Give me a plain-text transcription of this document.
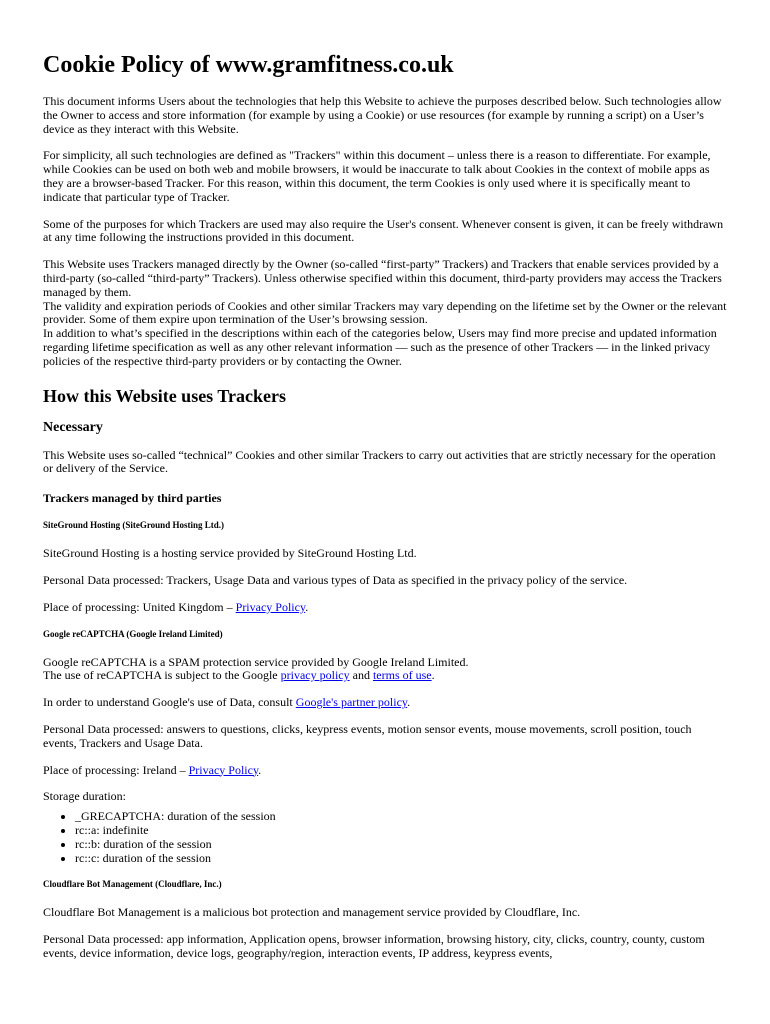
Cookie Policy of www.gramfitness.co.uk

This document informs Users about the technologies that help this Website to achieve the purposes described below. Such technologies allow the Owner to access and store information (for example by using a Cookie) or use resources (for example by running a script) on a User’s device as they interact with this Website.

For simplicity, all such technologies are defined as "Trackers" within this document – unless there is a reason to differentiate. For example, while Cookies can be used on both web and mobile browsers, it would be inaccurate to talk about Cookies in the context of mobile apps as they are a browser-based Tracker. For this reason, within this document, the term Cookies is only used where it is specifically meant to indicate that particular type of Tracker.

Some of the purposes for which Trackers are used may also require the User's consent. Whenever consent is given, it can be freely withdrawn at any time following the instructions provided in this document.

This Website uses Trackers managed directly by the Owner (so-called “first-party” Trackers) and Trackers that enable services provided by a third-party (so-called “third-party” Trackers). Unless otherwise specified within this document, third-party providers may access the Trackers managed by them.

The validity and expiration periods of Cookies and other similar Trackers may vary depending on the lifetime set by the Owner or the relevant provider. Some of them expire upon termination of the User’s browsing session.

In addition to what’s specified in the descriptions within each of the categories below, Users may find more precise and updated information regarding lifetime specification as well as any other relevant information — such as the presence of other Trackers — in the linked privacy policies of the respective third-party providers or by contacting the Owner.

How this Website uses Trackers
Necessary

This Website uses so-called “technical” Cookies and other similar Trackers to carry out activities that are strictly necessary for the operation or delivery of the Service.

Trackers managed by third parties
SiteGround Hosting (SiteGround Hosting Ltd.)

SiteGround Hosting is a hosting service provided by SiteGround Hosting Ltd.

Personal Data processed: Trackers, Usage Data and various types of Data as specified in the privacy policy of the service.

Place of processing: United Kingdom – Privacy Policy.

Google reCAPTCHA (Google Ireland Limited)

Google reCAPTCHA is a SPAM protection service provided by Google Ireland Limited.

The use of reCAPTCHA is subject to the Google privacy policy and terms of use.

In order to understand Google's use of Data, consult Google's partner policy.

Personal Data processed: answers to questions, clicks, keypress events, motion sensor events, mouse movements, scroll position, touch events, Trackers and Usage Data.

Place of processing: Ireland – Privacy Policy.

Storage duration:

• _GRECAPTCHA: duration of the session
• rc::a: indefinite
• rc::b: duration of the session
• rc::c: duration of the session
Cloudflare Bot Management (Cloudflare, Inc.)

Cloudflare Bot Management is a malicious bot protection and management service provided by Cloudflare, Inc.

Personal Data processed: app information, Application opens, browser information, browsing history, city, clicks, country, county, custom events, device information, device logs, geography/region, interaction events, IP address, keypress events,
